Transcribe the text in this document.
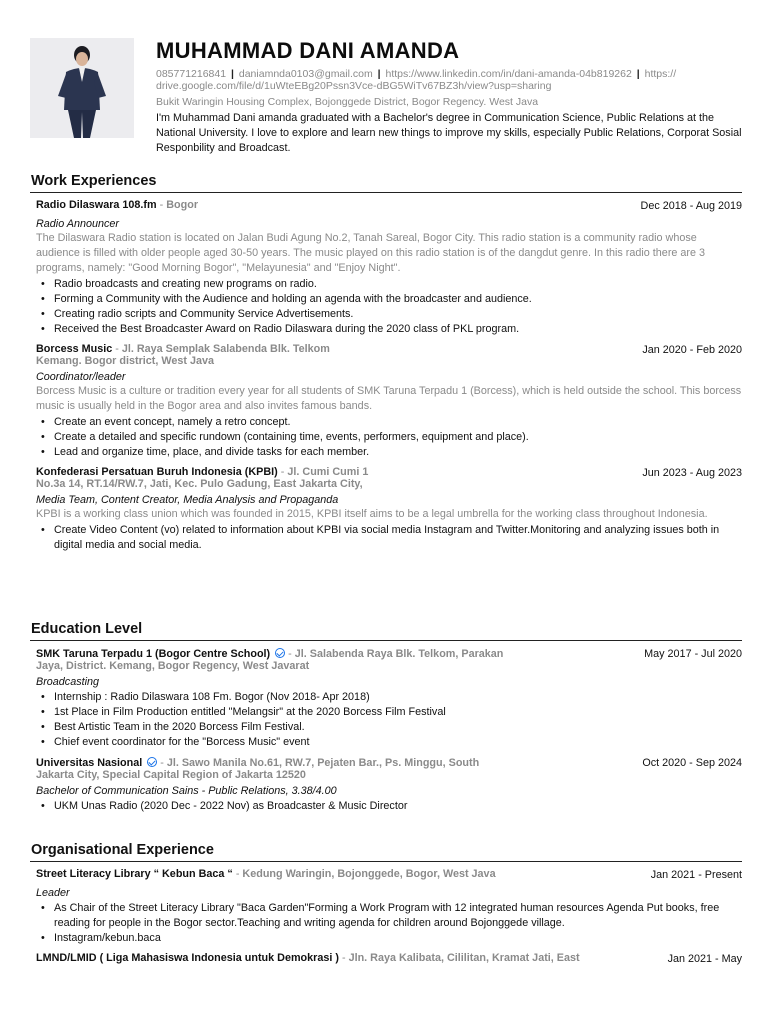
MUHAMMAD DANI AMANDA
085771216841 | daniamnda0103@gmail.com | https://www.linkedin.com/in/dani-amanda-04b819262 | https:// drive.google.com/file/d/1uWteEBg20Pssn3Vce-dBG5WiTv67BZ3h/view?usp=sharing
Bukit Waringin Housing Complex, Bojonggede District, Bogor Regency. West Java
I'm Muhammad Dani amanda graduated with a Bachelor's degree in Communication Science, Public Relations at the National University. I love to explore and learn new things to improve my skills, especially Public Relations, Corporat Sosial Responbility and Broadcast.
Work Experiences
Radio Dilaswara 108.fm - Bogor	Dec 2018 - Aug 2019
Radio Announcer
The Dilaswara Radio station is located on Jalan Budi Agung No.2, Tanah Sareal, Bogor City. This radio station is a community radio whose audience is filled with older people aged 30-50 years. The music played on this radio station is of the dangdut genre. In this radio there are 3 programs, namely: "Good Morning Bogor", "Melayunesia" and "Enjoy Night".
• Radio broadcasts and creating new programs on radio.
• Forming a Community with the Audience and holding an agenda with the broadcaster and audience.
• Creating radio scripts and Community Service Advertisements.
• Received the Best Broadcaster Award on Radio Dilaswara during the 2020 class of PKL program.
Borcess Music - Jl. Raya Semplak Salabenda Blk. Telkom Kemang. Bogor district, West Java
Jan 2020 - Feb 2020
Coordinator/leader
Borcess Music is a culture or tradition every year for all students of SMK Taruna Terpadu 1 (Borcess), which is held outside the school. This borcess music is usually held in the Bogor area and also invites famous bands.
• Create an event concept, namely a retro concept.
• Create a detailed and specific rundown (containing time, events, performers, equipment and place).
• Lead and organize time, place, and divide tasks for each member.
Konfederasi Persatuan Buruh Indonesia (KPBI) - Jl. Cumi Cumi 1 No.3a 14, RT.14/RW.7, Jati, Kec. Pulo Gadung, East Jakarta City,
Jun 2023 - Aug 2023
Media Team, Content Creator, Media Analysis and Propaganda
KPBI is a working class union which was founded in 2015, KPBI itself aims to be a legal umbrella for the working class throughout Indonesia.
• Create Video Content (vo) related to information about KPBI via social media Instagram and Twitter.Monitoring and analyzing issues both in digital media and social media.
Education Level
SMK Taruna Terpadu 1 (Bogor Centre School)  - Jl. Salabenda Raya Blk. Telkom, Parakan Jaya, District. Kemang, Bogor Regency, West Javarat
May 2017 - Jul 2020
Broadcasting
• Internship : Radio Dilaswara 108 Fm. Bogor (Nov 2018- Apr 2018)
• 1st Place in Film Production entitled "Melangsir" at the 2020 Borcess Film Festival
• Best Artistic Team in the 2020 Borcess Film Festival.
• Chief event coordinator for the "Borcess Music" event
Universitas Nasional  - Jl. Sawo Manila No.61, RW.7, Pejaten Bar., Ps. Minggu, South Jakarta City, Special Capital Region of Jakarta 12520
Oct 2020 - Sep 2024
Bachelor of Communication Sains - Public Relations, 3.38/4.00
• UKM Unas Radio (2020 Dec - 2022 Nov) as Broadcaster & Music Director
Organisational Experience
Street Literacy Library “ Kebun Baca “ - Kedung Waringin, Bojonggede, Bogor, West Java	Jan 2021 - Present
Leader
• As Chair of the Street Literacy Library "Baca Garden"Forming a Work Program with 12 integrated human resources Agenda Put books, free reading for people in the Bogor sector.Teaching and writing agenda for children around Bojonggede village.
• Instagram/kebun.baca
LMND/LMID ( Liga Mahasiswa Indonesia untuk Demokrasi ) - Jln. Raya Kalibata, Cililitan, Kramat Jati, East	Jan 2021 - May
